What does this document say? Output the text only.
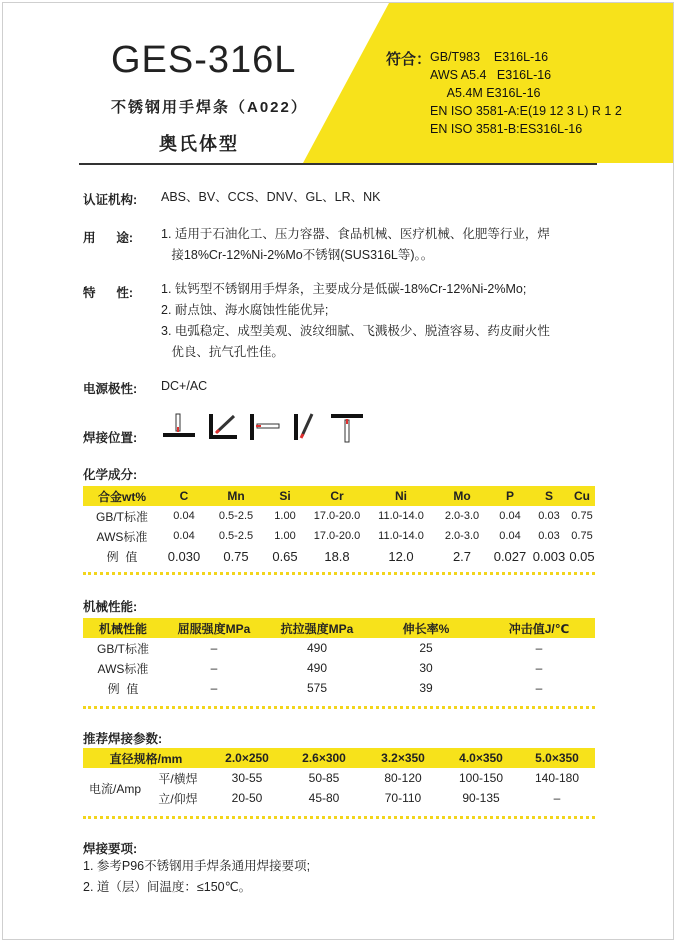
GES-316L
不锈钢用手焊条（A022）
奥氏体型
符合：
GB/T983    E316L-16
AWS A5.4   E316L-16
A5.4M E316L-16
EN ISO 3581-A:E(19 12 3 L) R 1 2
EN ISO 3581-B:ES316L-16
认证机构: ABS、BV、CCS、DNV、GL、LR、NK
用      途: 1. 适用于石油化工、压力容器、食品机械、医疗机械、化肥等行业，焊
接18%Cr-12%Ni-2%Mo不锈钢(SUS316L等)。。
特      性: 1. 钛钙型不锈钢用手焊条，主要成分是低碳-18%Cr-12%Ni-2%Mo;
2. 耐点蚀、海水腐蚀性能优异;
3. 电弧稳定、成型美观、波纹细腻、飞溅极少、脱渣容易、药皮耐火性
优良、抗气孔性佳。
电源极性: DC+/AC
焊接位置:
化学成分:
合金wt%	C	Mn	Si	Cr	Ni	Mo	P	S	Cu
GB/T标准	0.04	0.5-2.5	1.00	17.0-20.0	11.0-14.0	2.0-3.0	0.04	0.03	0.75
AWS标准	0.04	0.5-2.5	1.00	17.0-20.0	11.0-14.0	2.0-3.0	0.04	0.03	0.75
例  值	0.030	0.75	0.65	18.8	12.0	2.7	0.027	0.003	0.05
机械性能:
机械性能	屈服强度MPa	抗拉强度MPa	伸长率%	冲击值J/℃
GB/T标准	–	490	25	–
AWS标准	–	490	30	–
例  值	–	575	39	–
推荐焊接参数:
直径规格/mm		2.0×250	2.6×300	3.2×350	4.0×350	5.0×350
电流/Amp	平/横焊	30-55	50-85	80-120	100-150	140-180
	立/仰焊	20-50	45-80	70-110	90-135	–
焊接要项:
1. 参考P96不锈钢用手焊条通用焊接要项;
2. 道（层）间温度：≤150℃。
